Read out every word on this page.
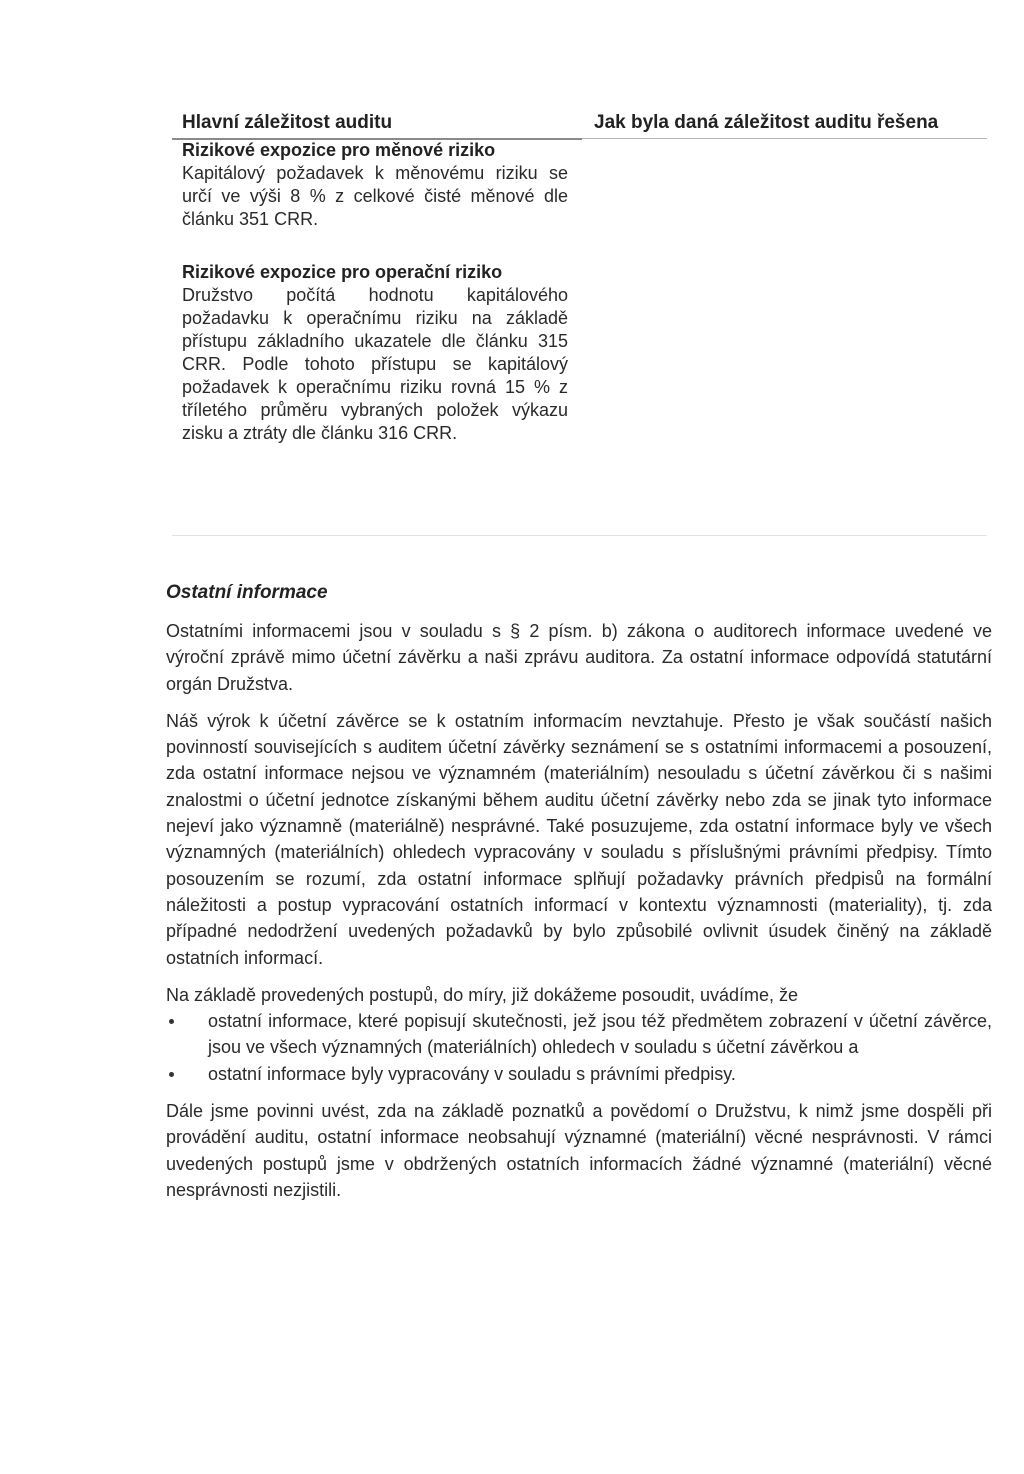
Hlavní záležitost auditu	Jak byla daná záležitost auditu řešena
Rizikové expozice pro měnové riziko
Kapitálový požadavek k měnovému riziku se určí ve výši 8 % z celkové čisté měnové dle článku 351 CRR.
Rizikové expozice pro operační riziko
Družstvo počítá hodnotu kapitálového požadavku k operačnímu riziku na základě přístupu základního ukazatele dle článku 315 CRR. Podle tohoto přístupu se kapitálový požadavek k operačnímu riziku rovná 15 % z tříletého průměru vybraných položek výkazu zisku a ztráty dle článku 316 CRR.
Ostatní informace

Ostatními informacemi jsou v souladu s § 2 písm. b) zákona o auditorech informace uvedené ve výroční zprávě mimo účetní závěrku a naši zprávu auditora. Za ostatní informace odpovídá statutární orgán Družstva.

Náš výrok k účetní závěrce se k ostatním informacím nevztahuje. Přesto je však součástí našich povinností souvisejících s auditem účetní závěrky seznámení se s ostatními informacemi a posouzení, zda ostatní informace nejsou ve významném (materiálním) nesouladu s účetní závěrkou či s našimi znalostmi o účetní jednotce získanými během auditu účetní závěrky nebo zda se jinak tyto informace nejeví jako významně (materiálně) nesprávné. Také posuzujeme, zda ostatní informace byly ve všech významných (materiálních) ohledech vypracovány v souladu s příslušnými právními předpisy. Tímto posouzením se rozumí, zda ostatní informace splňují požadavky právních předpisů na formální náležitosti a postup vypracování ostatních informací v kontextu významnosti (materiality), tj. zda případné nedodržení uvedených požadavků by bylo způsobilé ovlivnit úsudek činěný na základě ostatních informací.

Na základě provedených postupů, do míry, již dokážeme posoudit, uvádíme, že

ostatní informace, které popisují skutečnosti, jež jsou též předmětem zobrazení v účetní závěrce, jsou ve všech významných (materiálních) ohledech v souladu s účetní závěrkou a
ostatní informace byly vypracovány v souladu s právními předpisy.

Dále jsme povinni uvést, zda na základě poznatků a povědomí o Družstvu, k nimž jsme dospěli při provádění auditu, ostatní informace neobsahují významné (materiální) věcné nesprávnosti. V rámci uvedených postupů jsme v obdržených ostatních informacích žádné významné (materiální) věcné nesprávnosti nezjistili.
